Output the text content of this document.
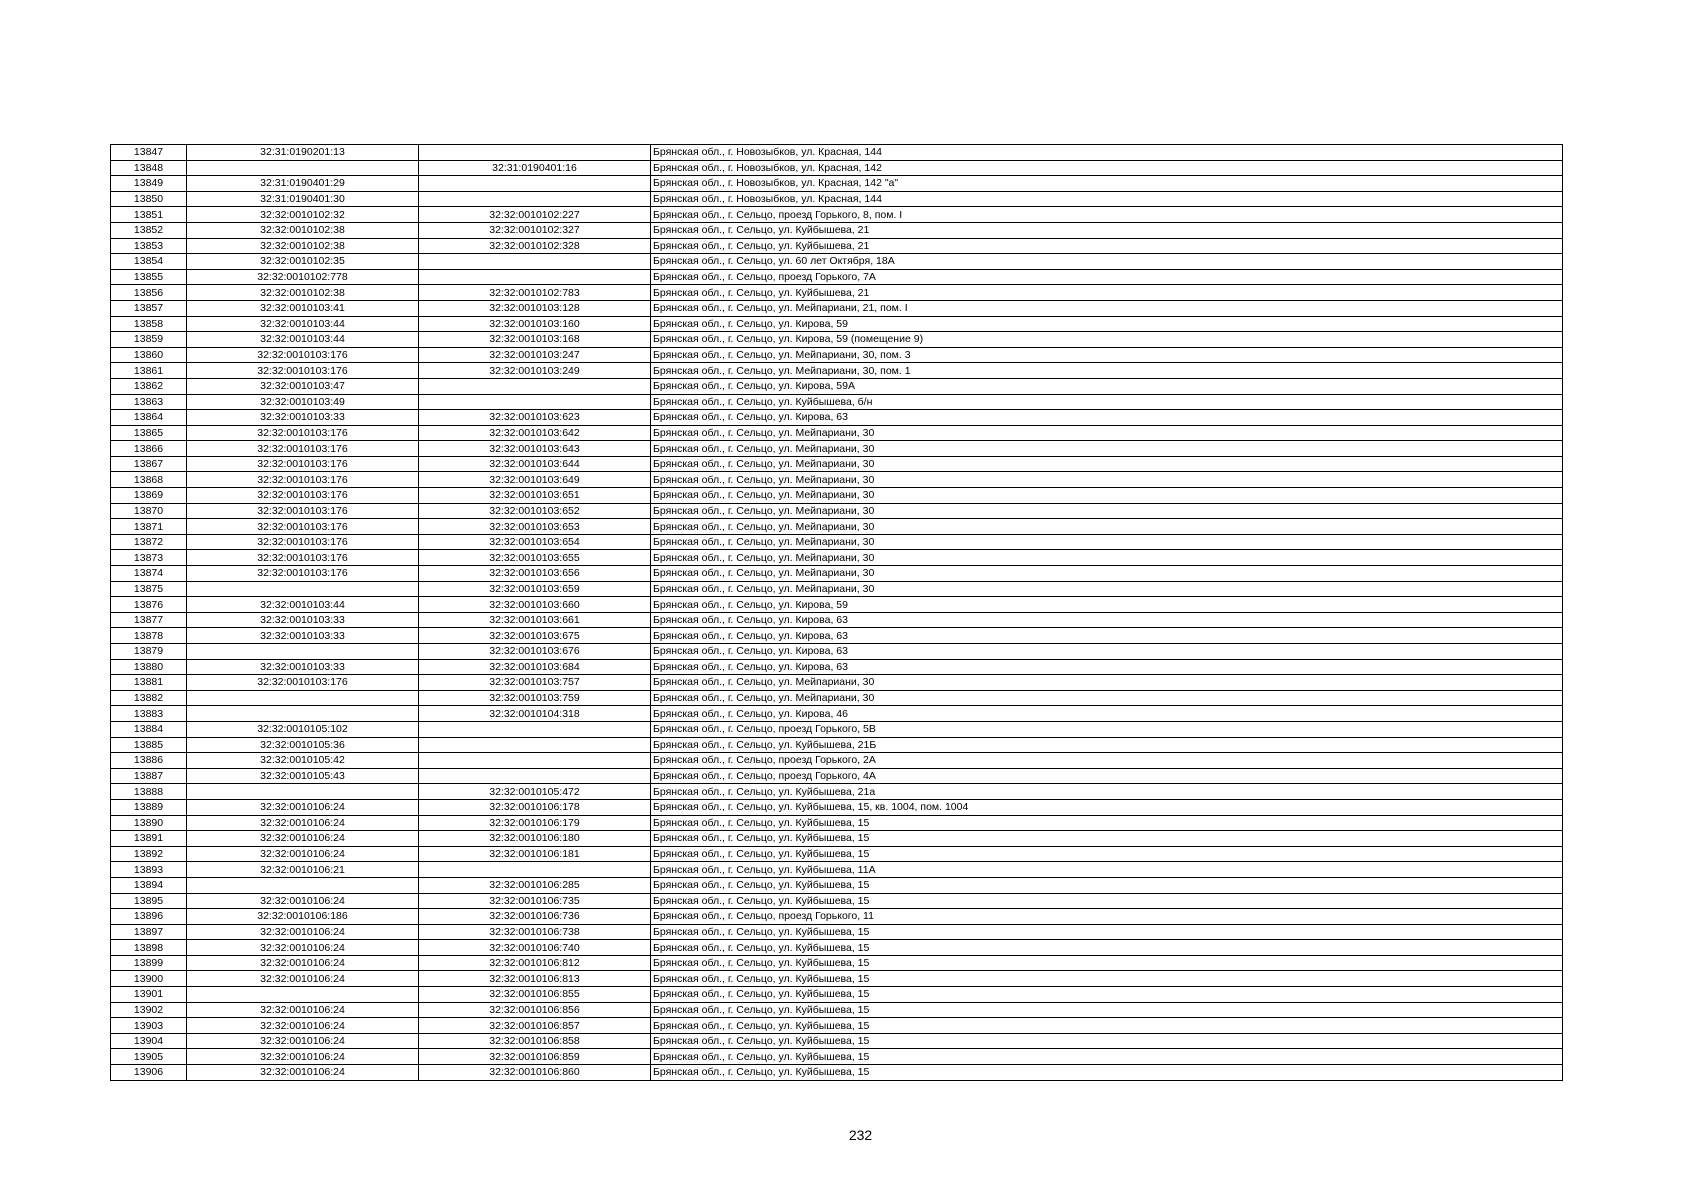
13847	32:31:0190201:13		Брянская обл., г. Новозыбков, ул. Красная, 144
13848		32:31:0190401:16	Брянская обл., г. Новозыбков, ул. Красная, 142
13849	32:31:0190401:29		Брянская обл., г. Новозыбков, ул. Красная, 142 "а"
13850	32:31:0190401:30		Брянская обл., г. Новозыбков, ул. Красная, 144
13851	32:32:0010102:32	32:32:0010102:227	Брянская обл., г. Сельцо, проезд Горького, 8, пом. I
13852	32:32:0010102:38	32:32:0010102:327	Брянская обл., г. Сельцо, ул. Куйбышева, 21
13853	32:32:0010102:38	32:32:0010102:328	Брянская обл., г. Сельцо, ул. Куйбышева, 21
13854	32:32:0010102:35		Брянская обл., г. Сельцо, ул. 60 лет Октября, 18А
13855	32:32:0010102:778		Брянская обл., г. Сельцо, проезд Горького, 7А
13856	32:32:0010102:38	32:32:0010102:783	Брянская обл., г. Сельцо, ул. Куйбышева, 21
13857	32:32:0010103:41	32:32:0010103:128	Брянская обл., г. Сельцо, ул. Мейпариани, 21, пом. I
13858	32:32:0010103:44	32:32:0010103:160	Брянская обл., г. Сельцо, ул. Кирова, 59
13859	32:32:0010103:44	32:32:0010103:168	Брянская обл., г. Сельцо, ул. Кирова, 59 (помещение 9)
13860	32:32:0010103:176	32:32:0010103:247	Брянская обл., г. Сельцо, ул. Мейпариани, 30, пом. 3
13861	32:32:0010103:176	32:32:0010103:249	Брянская обл., г. Сельцо, ул. Мейпариани, 30, пом. 1
13862	32:32:0010103:47		Брянская обл., г. Сельцо, ул. Кирова, 59А
13863	32:32:0010103:49		Брянская обл., г. Сельцо, ул. Куйбышева, б/н
13864	32:32:0010103:33	32:32:0010103:623	Брянская обл., г. Сельцо, ул. Кирова, 63
13865	32:32:0010103:176	32:32:0010103:642	Брянская обл., г. Сельцо, ул. Мейпариани, 30
13866	32:32:0010103:176	32:32:0010103:643	Брянская обл., г. Сельцо, ул. Мейпариани, 30
13867	32:32:0010103:176	32:32:0010103:644	Брянская обл., г. Сельцо, ул. Мейпариани, 30
13868	32:32:0010103:176	32:32:0010103:649	Брянская обл., г. Сельцо, ул. Мейпариани, 30
13869	32:32:0010103:176	32:32:0010103:651	Брянская обл., г. Сельцо, ул. Мейпариани, 30
13870	32:32:0010103:176	32:32:0010103:652	Брянская обл., г. Сельцо, ул. Мейпариани, 30
13871	32:32:0010103:176	32:32:0010103:653	Брянская обл., г. Сельцо, ул. Мейпариани, 30
13872	32:32:0010103:176	32:32:0010103:654	Брянская обл., г. Сельцо, ул. Мейпариани, 30
13873	32:32:0010103:176	32:32:0010103:655	Брянская обл., г. Сельцо, ул. Мейпариани, 30
13874	32:32:0010103:176	32:32:0010103:656	Брянская обл., г. Сельцо, ул. Мейпариани, 30
13875		32:32:0010103:659	Брянская обл., г. Сельцо, ул. Мейпариани, 30
13876	32:32:0010103:44	32:32:0010103:660	Брянская обл., г. Сельцо, ул. Кирова, 59
13877	32:32:0010103:33	32:32:0010103:661	Брянская обл., г. Сельцо, ул. Кирова, 63
13878	32:32:0010103:33	32:32:0010103:675	Брянская обл., г. Сельцо, ул. Кирова, 63
13879		32:32:0010103:676	Брянская обл., г. Сельцо, ул. Кирова, 63
13880	32:32:0010103:33	32:32:0010103:684	Брянская обл., г. Сельцо, ул. Кирова, 63
13881	32:32:0010103:176	32:32:0010103:757	Брянская обл., г. Сельцо, ул. Мейпариани, 30
13882		32:32:0010103:759	Брянская обл., г. Сельцо, ул. Мейпариани, 30
13883		32:32:0010104:318	Брянская обл., г. Сельцо, ул. Кирова, 46
13884	32:32:0010105:102		Брянская обл., г. Сельцо, проезд Горького, 5В
13885	32:32:0010105:36		Брянская обл., г. Сельцо, ул. Куйбышева, 21Б
13886	32:32:0010105:42		Брянская обл., г. Сельцо, проезд Горького, 2А
13887	32:32:0010105:43		Брянская обл., г. Сельцо, проезд Горького, 4А
13888		32:32:0010105:472	Брянская обл., г. Сельцо, ул. Куйбышева, 21а
13889	32:32:0010106:24	32:32:0010106:178	Брянская обл., г. Сельцо, ул. Куйбышева, 15, кв. 1004, пом. 1004
13890	32:32:0010106:24	32:32:0010106:179	Брянская обл., г. Сельцо, ул. Куйбышева, 15
13891	32:32:0010106:24	32:32:0010106:180	Брянская обл., г. Сельцо, ул. Куйбышева, 15
13892	32:32:0010106:24	32:32:0010106:181	Брянская обл., г. Сельцо, ул. Куйбышева, 15
13893	32:32:0010106:21		Брянская обл., г. Сельцо, ул. Куйбышева, 11А
13894		32:32:0010106:285	Брянская обл., г. Сельцо, ул. Куйбышева, 15
13895	32:32:0010106:24	32:32:0010106:735	Брянская обл., г. Сельцо, ул. Куйбышева, 15
13896	32:32:0010106:186	32:32:0010106:736	Брянская обл., г. Сельцо, проезд Горького, 11
13897	32:32:0010106:24	32:32:0010106:738	Брянская обл., г. Сельцо, ул. Куйбышева, 15
13898	32:32:0010106:24	32:32:0010106:740	Брянская обл., г. Сельцо, ул. Куйбышева, 15
13899	32:32:0010106:24	32:32:0010106:812	Брянская обл., г. Сельцо, ул. Куйбышева, 15
13900	32:32:0010106:24	32:32:0010106:813	Брянская обл., г. Сельцо, ул. Куйбышева, 15
13901		32:32:0010106:855	Брянская обл., г. Сельцо, ул. Куйбышева, 15
13902	32:32:0010106:24	32:32:0010106:856	Брянская обл., г. Сельцо, ул. Куйбышева, 15
13903	32:32:0010106:24	32:32:0010106:857	Брянская обл., г. Сельцо, ул. Куйбышева, 15
13904	32:32:0010106:24	32:32:0010106:858	Брянская обл., г. Сельцо, ул. Куйбышева, 15
13905	32:32:0010106:24	32:32:0010106:859	Брянская обл., г. Сельцо, ул. Куйбышева, 15
13906	32:32:0010106:24	32:32:0010106:860	Брянская обл., г. Сельцо, ул. Куйбышева, 15
232
